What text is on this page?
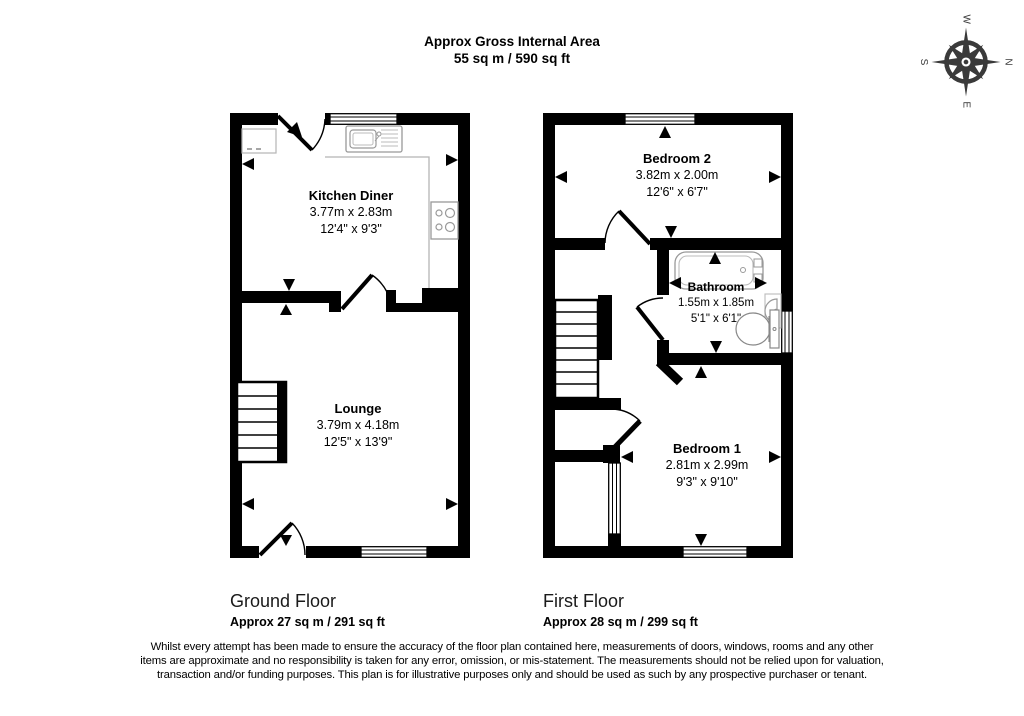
Approx Gross Internal Area
55 sq m / 590 sq ft	N
E
S
W
Kitchen Diner
3.77m x 2.83m
12'4" x 9'3"
Lounge
3.79m x 4.18m
12'5" x 13'9"
Bedroom 2
3.82m x 2.00m
12'6" x 6'7"
Bathroom
1.55m x 1.85m
5'1" x 6'1"
Bedroom 1
2.81m x 2.99m
9'3" x 9'10"
Ground Floor
Approx 27 sq m / 291 sq ft
First Floor
Approx 28 sq m / 299 sq ft
Whilst every attempt has been made to ensure the accuracy of the floor plan contained here, measurements of doors, windows, rooms and any other items are approximate and no responsibility is taken for any error, omission, or mis-statement. The measurements should not be relied upon for valuation, transaction and/or funding purposes. This plan is for illustrative purposes only and should be used as such by any prospective purchaser or tenant.
